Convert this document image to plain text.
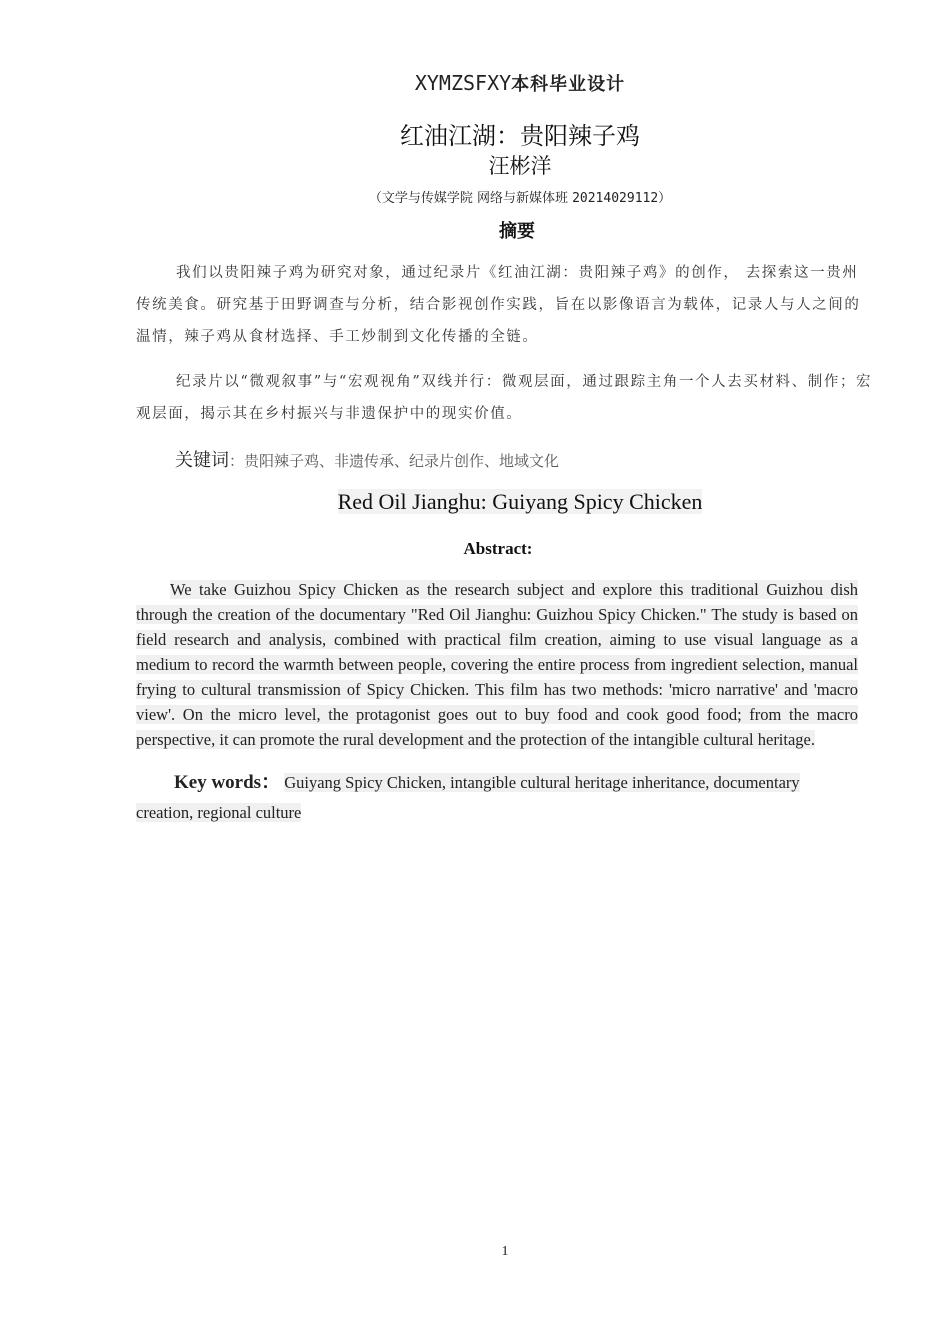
XYMZSFXY本科毕业设计
红油江湖：贵阳辣子鸡
汪彬洋
（文学与传媒学院 网络与新媒体班 20214029112）
摘要

我们以贵阳辣子鸡为研究对象，通过纪录片《红油江湖：贵阳辣子鸡》的创作， 去探索这一贵州传统美食。研究基于田野调查与分析，结合影视创作实践，旨在以影像语言为载体，记录人与人之间的温情，辣子鸡从食材选择、手工炒制到文化传播的全链。

纪录片以“微观叙事”与“宏观视角”双线并行：微观层面，通过跟踪主角一个人去买材料、制作；宏观层面，揭示其在乡村振兴与非遗保护中的现实价值。

关键词：贵阳辣子鸡、非遗传承、纪录片创作、地域文化
Red Oil Jianghu: Guiyang Spicy Chicken
Abstract:

We take Guizhou Spicy Chicken as the research subject and explore this traditional Guizhou dish through the creation of the documentary "Red Oil Jianghu: Guizhou Spicy Chicken." The study is based on field research and analysis, combined with practical film creation, aiming to use visual language as a medium to record the warmth between people, covering the entire process from ingredient selection, manual frying to cultural transmission of Spicy Chicken. This film has two methods: 'micro narrative' and 'macro view'. On the micro level, the protagonist goes out to buy food and cook good food; from the macro perspective, it can promote the rural development and the protection of the intangible cultural heritage.

Key words： Guiyang Spicy Chicken, intangible cultural heritage inheritance, documentary creation, regional culture

1
